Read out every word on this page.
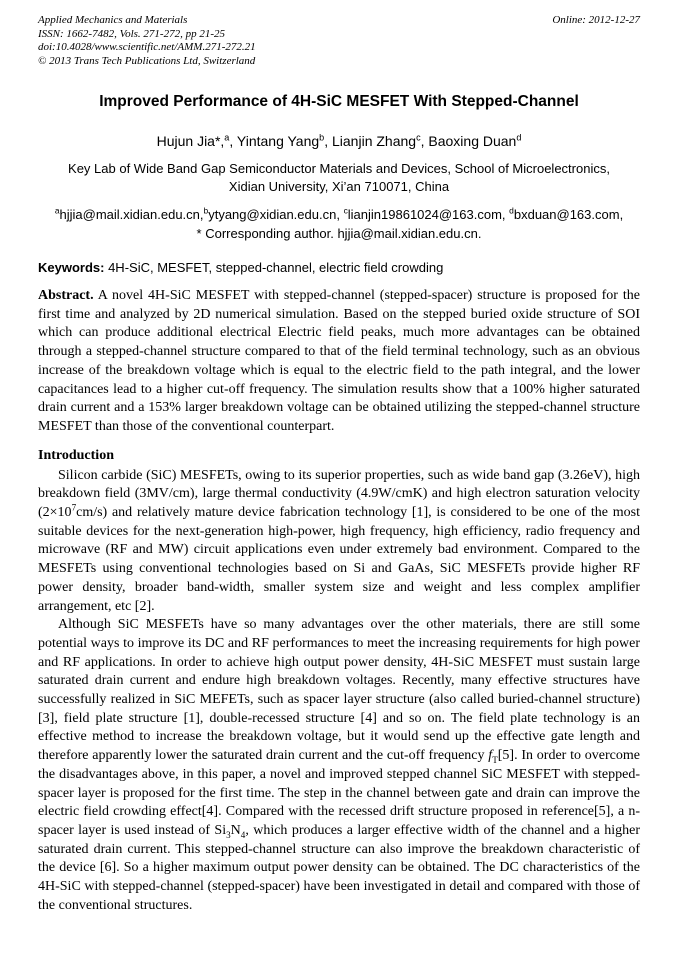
Applied Mechanics and Materials
ISSN: 1662-7482, Vols. 271-272, pp 21-25
doi:10.4028/www.scientific.net/AMM.271-272.21
© 2013 Trans Tech Publications Ltd, Switzerland
Online: 2012-12-27
Improved Performance of 4H-SiC MESFET With Stepped-Channel
Hujun Jia*,$^a$, Yintang Yang$^b$, Lianjin Zhang$^c$, Baoxing Duan$^d$
Key Lab of Wide Band Gap Semiconductor Materials and Devices, School of Microelectronics,
Xidian University, Xi’an 710071, China
$^a$hjjia@mail.xidian.edu.cn,$^b$ytyang@xidian.edu.cn, $^c$lianjin19861024@163.com, $^d$bxduan@163.com,
* Corresponding author. hjjia@mail.xidian.edu.cn.

Keywords: 4H-SiC, MESFET, stepped-channel, electric field crowding

Abstract. A novel 4H-SiC MESFET with stepped-channel (stepped-spacer) structure is proposed for the first time and analyzed by 2D numerical simulation. Based on the stepped buried oxide structure of SOI which can produce additional electrical Electric field peaks, much more advantages can be obtained through a stepped-channel structure compared to that of the field terminal technology, such as an obvious increase of the breakdown voltage which is equal to the electric field to the path integral, and the lower capacitances lead to a higher cut-off frequency. The simulation results show that a 100% higher saturated drain current and a 153% larger breakdown voltage can be obtained utilizing the stepped-channel structure MESFET than those of the conventional counterpart.

Introduction

Silicon carbide (SiC) MESFETs, owing to its superior properties, such as wide band gap (3.26eV), high breakdown field (3MV/cm), large thermal conductivity (4.9W/cmK) and high electron saturation velocity $(2\times 10^7cm/s)$ and relatively mature device fabrication technology [1], is considered to be one of the most suitable devices for the next-generation high-power, high frequency, high efficiency, radio frequency and microwave (RF and MW) circuit applications even under extremely bad environment. Compared to the MESFETs using conventional technologies based on Si and GaAs, SiC MESFETs provide higher RF power density, broader band-width, smaller system size and weight and less complex amplifier arrangement, etc [2].

Although SiC MESFETs have so many advantages over the other materials, there are still some potential ways to improve its DC and RF performances to meet the increasing requirements for high power and RF applications. In order to achieve high output power density, 4H-SiC MESFET must sustain large saturated drain current and endure high breakdown voltages. Recently, many effective structures have successfully realized in SiC MEFETs, such as spacer layer structure (also called buried-channel structure) [3], field plate structure [1], double-recessed structure [4] and so on. The field plate technology is an effective method to increase the breakdown voltage, but it would send up the effective gate length and therefore apparently lower the saturated drain current and the cut-off frequency $f_T[5]$. In order to overcome the disadvantages above, in this paper, a novel and improved stepped channel SiC MESFET with stepped-spacer layer is proposed for the first time. The step in the channel between gate and drain can improve the electric field crowding effect[4]. Compared with the recessed drift structure proposed in reference[5], a n- spacer layer is used instead of $Si_3N_4$, which produces a larger effective width of the channel and a higher saturated drain current. This stepped-channel structure can also improve the breakdown characteristic of the device [6]. So a higher maximum output power density can be obtained. The DC characteristics of the 4H-SiC with stepped-channel (stepped-spacer) have been investigated in detail and compared with those of the conventional structures.
